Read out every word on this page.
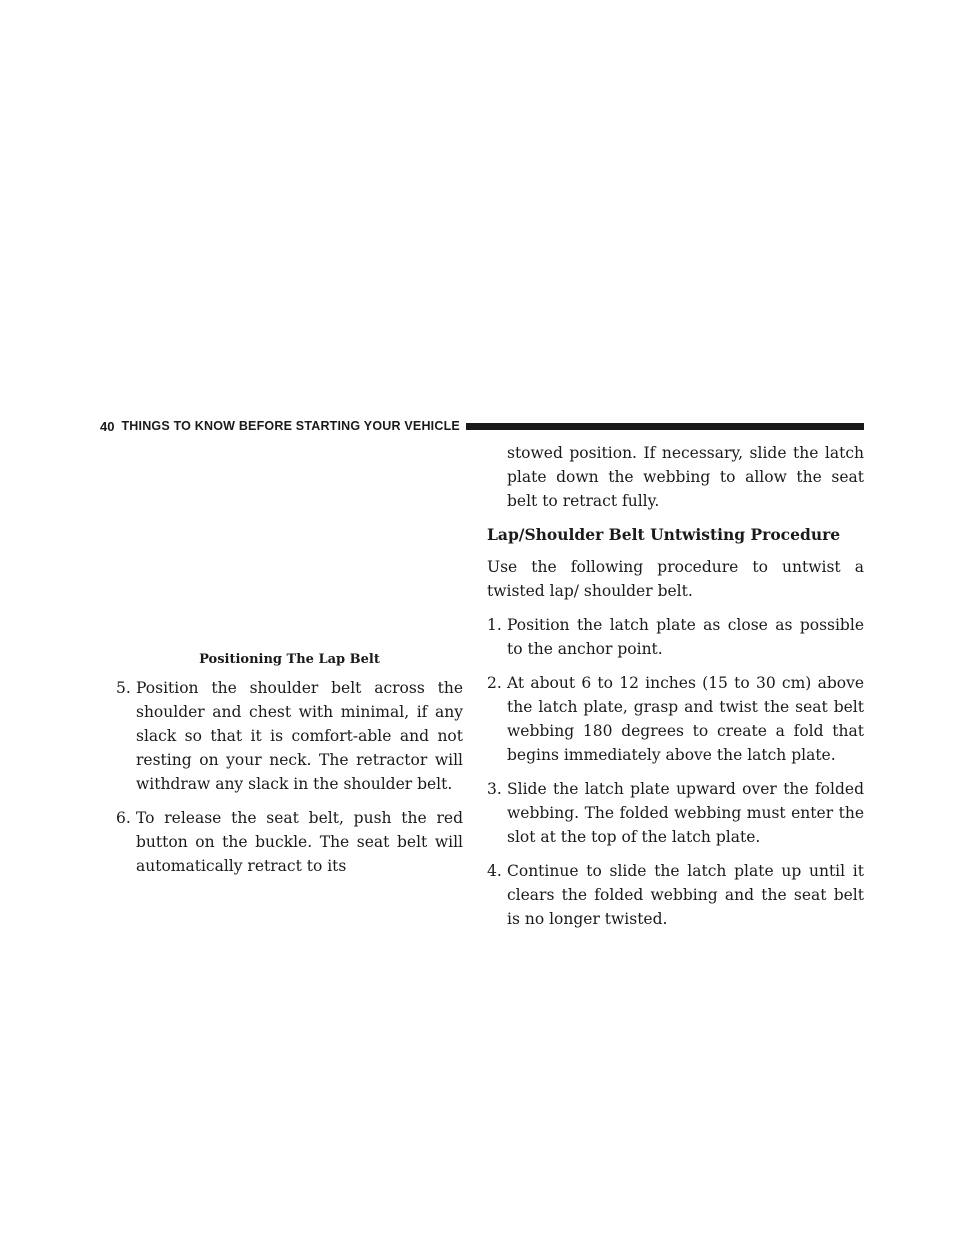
40 THINGS TO KNOW BEFORE STARTING YOUR VEHICLE
Positioning The Lap Belt

5. Position the shoulder belt across the shoulder and chest with minimal, if any slack so that it is comfort-able and not resting on your neck. The retractor will withdraw any slack in the shoulder belt.

6. To release the seat belt, push the red button on the buckle. The seat belt will automatically retract to its

stowed position. If necessary, slide the latch plate down the webbing to allow the seat belt to retract fully.

Lap/Shoulder Belt Untwisting Procedure

Use the following procedure to untwist a twisted lap/ shoulder belt.

1. Position the latch plate as close as possible to the anchor point.

2. At about 6 to 12 inches (15 to 30 cm) above the latch plate, grasp and twist the seat belt webbing 180 degrees to create a fold that begins immediately above the latch plate.

3. Slide the latch plate upward over the folded webbing. The folded webbing must enter the slot at the top of the latch plate.

4. Continue to slide the latch plate up until it clears the folded webbing and the seat belt is no longer twisted.
